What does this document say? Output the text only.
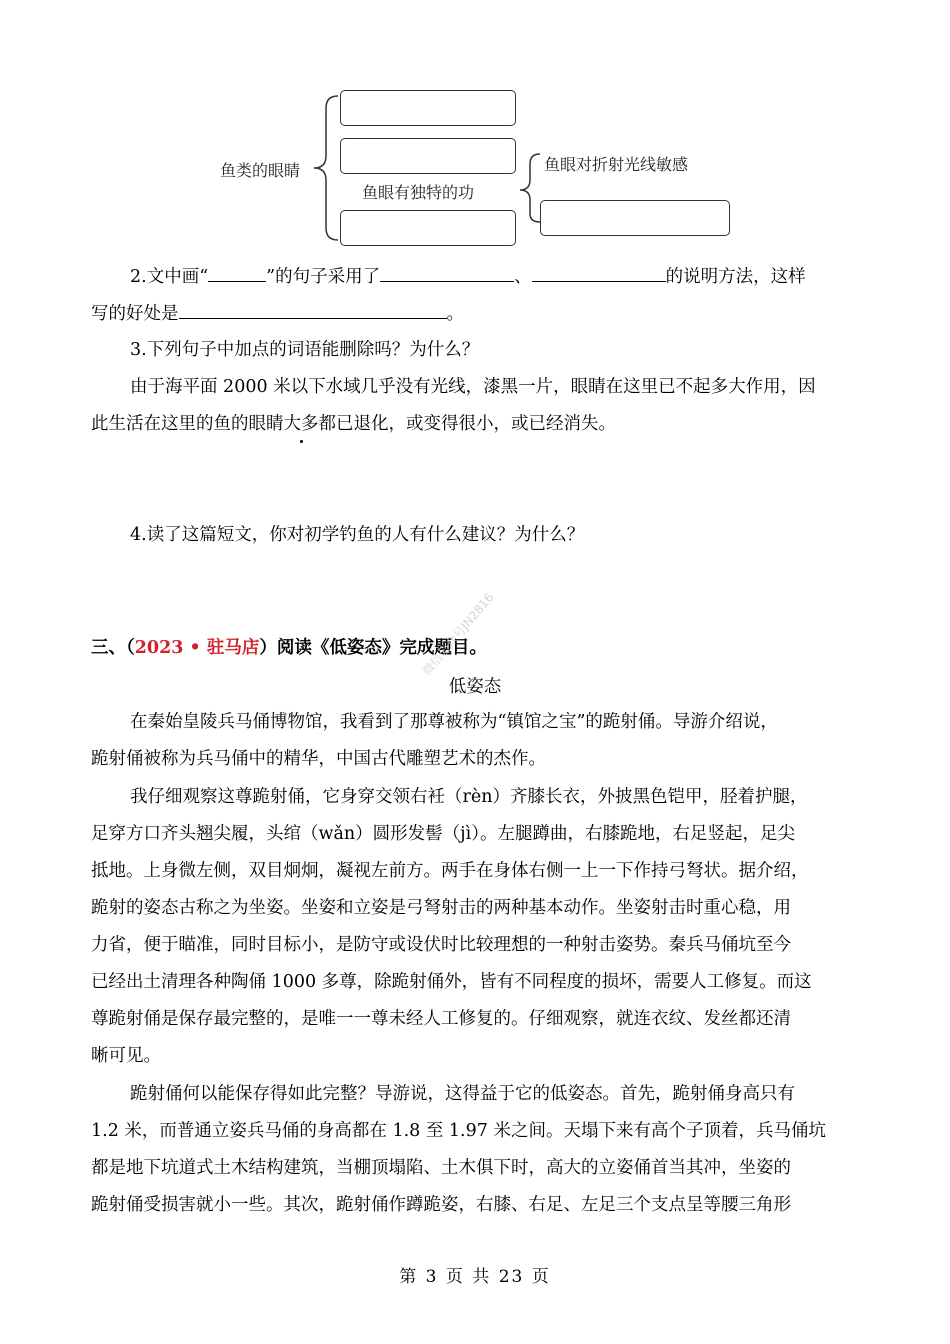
鱼类的眼睛
鱼眼有独特的功
鱼眼对折射光线敏感
2.文中画“	”的句子采用了	、	的说明方法，这样
写的好处是	。
3.下列句子中加点的词语能删除吗？为什么？
由于海平面 2000 米以下水域几乎没有光线，漆黑一片，眼睛在这里已不起多大作用，因
此生活在这里的鱼的眼睛大多都已退化，或变得很小，或已经消失。
4.读了这篇短文，你对初学钓鱼的人有什么建议？为什么？
三、（2023 • 驻马店）阅读《低姿态》完成题目。
微信公众号JN2816
低姿态
在秦始皇陵兵马俑博物馆，我看到了那尊被称为“镇馆之宝”的跪射俑。导游介绍说，
跪射俑被称为兵马俑中的精华，中国古代雕塑艺术的杰作。
我仔细观察这尊跪射俑，它身穿交领右衽（rèn）齐膝长衣，外披黑色铠甲，胫着护腿，
足穿方口齐头翘尖履，头绾（wǎn）圆形发髻（jì）。左腿蹲曲，右膝跪地，右足竖起，足尖
抵地。上身微左侧，双目炯炯，凝视左前方。两手在身体右侧一上一下作持弓弩状。据介绍，
跪射的姿态古称之为坐姿。坐姿和立姿是弓弩射击的两种基本动作。坐姿射击时重心稳，用
力省，便于瞄准，同时目标小，是防守或设伏时比较理想的一种射击姿势。秦兵马俑坑至今
已经出土清理各种陶俑 1000 多尊，除跪射俑外，皆有不同程度的损坏，需要人工修复。而这
尊跪射俑是保存最完整的，是唯一一尊未经人工修复的。仔细观察，就连衣纹、发丝都还清
晰可见。
跪射俑何以能保存得如此完整？导游说，这得益于它的低姿态。首先，跪射俑身高只有
1.2 米，而普通立姿兵马俑的身高都在 1.8 至 1.97 米之间。天塌下来有高个子顶着，兵马俑坑
都是地下坑道式土木结构建筑，当棚顶塌陷、土木俱下时，高大的立姿俑首当其冲，坐姿的
跪射俑受损害就小一些。其次，跪射俑作蹲跪姿，右膝、右足、左足三个支点呈等腰三角形
第 3 页 共 23 页
